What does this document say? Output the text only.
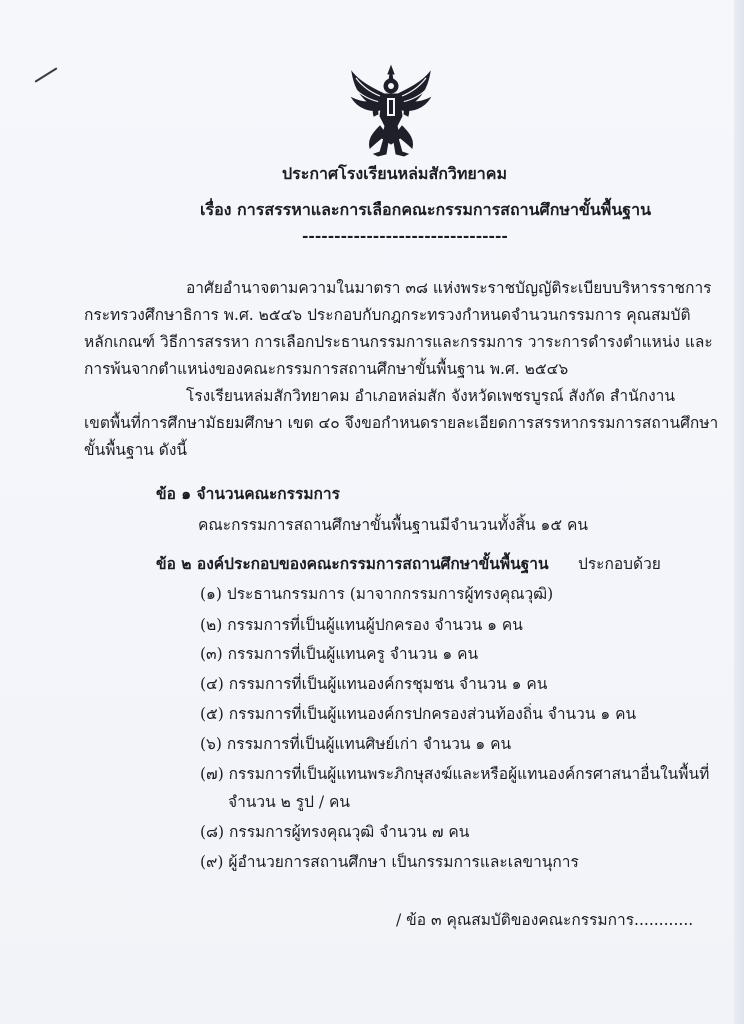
ประกาศโรงเรียนหล่มสักวิทยาคม
เรื่อง การสรรหาและการเลือกคณะกรรมการสถานศึกษาขั้นพื้นฐาน
--------------------------------
อาศัยอำนาจตามความในมาตรา ๓๘ แห่งพระราชบัญญัติระเบียบบริหารราชการ
กระทรวงศึกษาธิการ พ.ศ. ๒๕๔๖ ประกอบกับกฎกระทรวงกำหนดจำนวนกรรมการ คุณสมบัติ
หลักเกณฑ์ วิธีการสรรหา การเลือกประธานกรรมการและกรรมการ วาระการดำรงตำแหน่ง และ
การพ้นจากตำแหน่งของคณะกรรมการสถานศึกษาขั้นพื้นฐาน พ.ศ. ๒๕๔๖
โรงเรียนหล่มสักวิทยาคม อำเภอหล่มสัก จังหวัดเพชรบูรณ์ สังกัด สำนักงาน
เขตพื้นที่การศึกษามัธยมศึกษา เขต ๔๐ จึงขอกำหนดรายละเอียดการสรรหากรรมการสถานศึกษา
ขั้นพื้นฐาน ดังนี้
ข้อ ๑ จำนวนคณะกรรมการ
คณะกรรมการสถานศึกษาขั้นพื้นฐานมีจำนวนทั้งสิ้น ๑๕ คน
ข้อ ๒ องค์ประกอบของคณะกรรมการสถานศึกษาขั้นพื้นฐาน ประกอบด้วย
(๑) ประธานกรรมการ (มาจากกรรมการผู้ทรงคุณวุฒิ)
(๒) กรรมการที่เป็นผู้แทนผู้ปกครอง จำนวน ๑ คน
(๓) กรรมการที่เป็นผู้แทนครู จำนวน ๑ คน
(๔) กรรมการที่เป็นผู้แทนองค์กรชุมชน จำนวน ๑ คน
(๕) กรรมการที่เป็นผู้แทนองค์กรปกครองส่วนท้องถิ่น จำนวน ๑ คน
(๖) กรรมการที่เป็นผู้แทนศิษย์เก่า จำนวน ๑ คน
(๗) กรรมการที่เป็นผู้แทนพระภิกษุสงฆ์และหรือผู้แทนองค์กรศาสนาอื่นในพื้นที่
จำนวน ๒ รูป / คน
(๘) กรรมการผู้ทรงคุณวุฒิ จำนวน ๗ คน
(๙) ผู้อำนวยการสถานศึกษา เป็นกรรมการและเลขานุการ
/ ข้อ ๓ คุณสมบัติของคณะกรรมการ............
